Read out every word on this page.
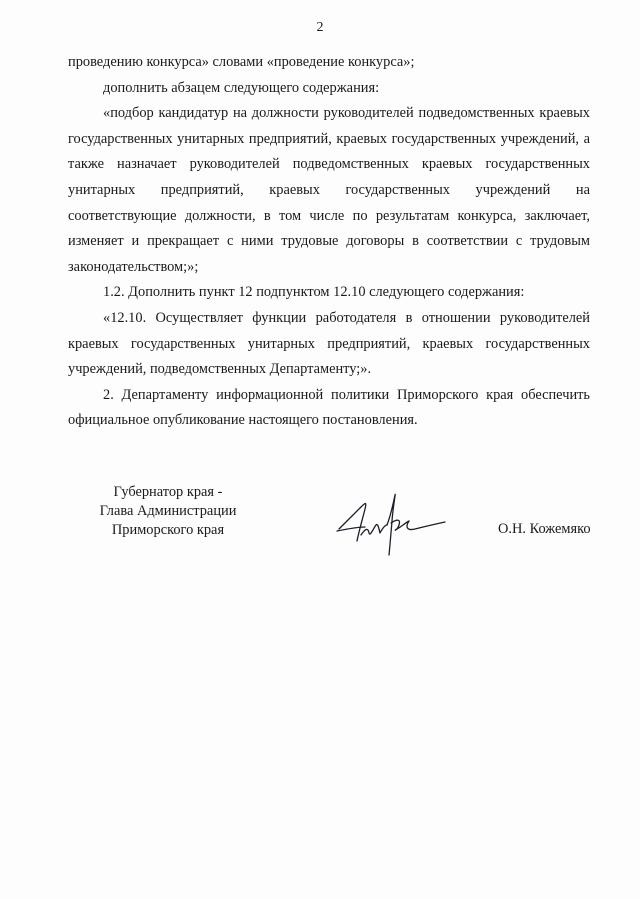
2

проведению конкурса» словами «проведение конкурса»;

дополнить абзацем следующего содержания:

«подбор кандидатур на должности руководителей подведомственных краевых государственных унитарных предприятий, краевых государственных учреждений, а также назначает руководителей подведомственных краевых государственных унитарных предприятий, краевых государственных учреждений на соответствующие должности, в том числе по результатам конкурса, заключает, изменяет и прекращает с ними трудовые договоры в соответствии с трудовым законодательством;»;

1.2. Дополнить пункт 12 подпунктом 12.10 следующего содержания:

«12.10. Осуществляет функции работодателя в отношении руководителей краевых государственных унитарных предприятий, краевых государственных учреждений, подведомственных Департаменту;».

2. Департаменту информационной политики Приморского края обеспечить официальное опубликование настоящего постановления.

Губернатор края -
Глава Администрации
Приморского края	О.Н. Кожемяко
